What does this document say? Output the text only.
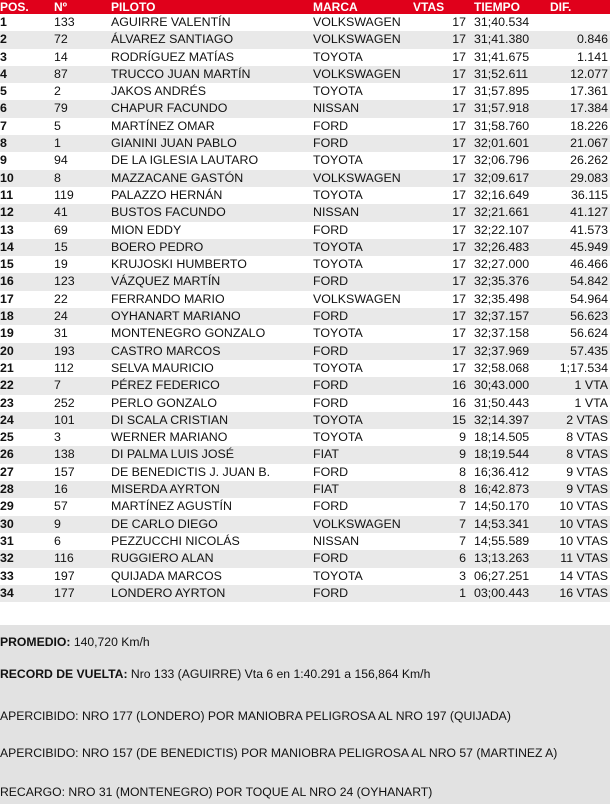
POS.	Nº	PILOTO	MARCA	VTAS	TIEMPO	DIF.
1	133	AGUIRRE VALENTÍN	VOLKSWAGEN	17	31;40.534	
2	72	ÁLVAREZ SANTIAGO	VOLKSWAGEN	17	31;41.380	0.846
3	14	RODRÍGUEZ MATÍAS	TOYOTA	17	31;41.675	1.141
4	87	TRUCCO JUAN MARTÍN	VOLKSWAGEN	17	31;52.611	12.077
5	2	JAKOS ANDRÉS	TOYOTA	17	31;57.895	17.361
6	79	CHAPUR FACUNDO	NISSAN	17	31;57.918	17.384
7	5	MARTÍNEZ OMAR	FORD	17	31;58.760	18.226
8	1	GIANINI JUAN PABLO	FORD	17	32;01.601	21.067
9	94	DE LA IGLESIA LAUTARO	TOYOTA	17	32;06.796	26.262
10	8	MAZZACANE GASTÓN	VOLKSWAGEN	17	32;09.617	29.083
11	119	PALAZZO HERNÁN	TOYOTA	17	32;16.649	36.115
12	41	BUSTOS FACUNDO	NISSAN	17	32;21.661	41.127
13	69	MION EDDY	FORD	17	32;22.107	41.573
14	15	BOERO PEDRO	TOYOTA	17	32;26.483	45.949
15	19	KRUJOSKI HUMBERTO	TOYOTA	17	32;27.000	46.466
16	123	VÁZQUEZ MARTÍN	FORD	17	32;35.376	54.842
17	22	FERRANDO MARIO	VOLKSWAGEN	17	32;35.498	54.964
18	24	OYHANART MARIANO	FORD	17	32;37.157	56.623
19	31	MONTENEGRO GONZALO	TOYOTA	17	32;37.158	56.624
20	193	CASTRO MARCOS	FORD	17	32;37.969	57.435
21	112	SELVA MAURICIO	TOYOTA	17	32;58.068	1;17.534
22	7	PÉREZ FEDERICO	FORD	16	30;43.000	1 VTA
23	252	PERLO GONZALO	FORD	16	31;50.443	1 VTA
24	101	DI SCALA CRISTIAN	TOYOTA	15	32;14.397	2 VTAS
25	3	WERNER MARIANO	TOYOTA	9	18;14.505	8 VTAS
26	138	DI PALMA LUIS JOSÉ	FIAT	9	18;19.544	8 VTAS
27	157	DE BENEDICTIS J. JUAN B.	FORD	8	16;36.412	9 VTAS
28	16	MISERDA AYRTON	FIAT	8	16;42.873	9 VTAS
29	57	MARTÍNEZ AGUSTÍN	FORD	7	14;50.170	10 VTAS
30	9	DE CARLO DIEGO	VOLKSWAGEN	7	14;53.341	10 VTAS
31	6	PEZZUCCHI NICOLÁS	NISSAN	7	14;55.589	10 VTAS
32	116	RUGGIERO ALAN	FORD	6	13;13.263	11 VTAS
33	197	QUIJADA MARCOS	TOYOTA	3	06;27.251	14 VTAS
34	177	LONDERO AYRTON	FORD	1	03;00.443	16 VTAS
PROMEDIO: 140,720 Km/h
RECORD DE VUELTA: Nro 133 (AGUIRRE) Vta 6 en 1:40.291 a 156,864 Km/h
APERCIBIDO: NRO 177 (LONDERO) POR MANIOBRA PELIGROSA AL NRO 197 (QUIJADA)
APERCIBIDO: NRO 157 (DE BENEDICTIS) POR MANIOBRA PELIGROSA AL NRO 57 (MARTINEZ A)
RECARGO: NRO 31 (MONTENEGRO) POR TOQUE AL NRO 24 (OYHANART)
